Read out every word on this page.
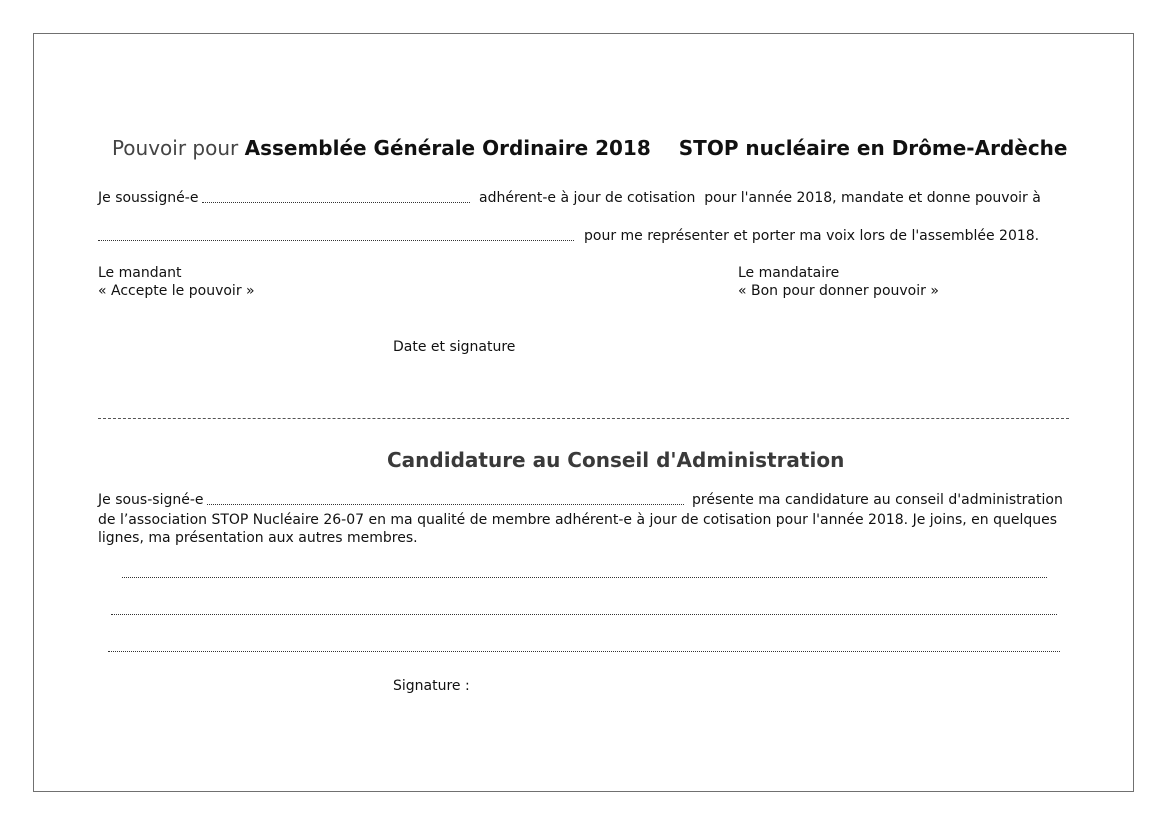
Pouvoir pour Assemblée Générale Ordinaire 2018 STOP nucléaire en Drôme-Ardèche

Je soussigné-e	adhérent-e à jour de cotisation  pour l'année 2018, mandate et donne pouvoir à
pour me représenter et porter ma voix lors de l'assemblée 2018.
Le mandant
« Accepte le pouvoir »
Le mandataire
« Bon pour donner pouvoir »
Date et signature
Candidature au Conseil d'Administration
Je sous-signé-e	présente ma candidature au conseil d'administration
de l’association STOP Nucléaire 26-07 en ma qualité de membre adhérent-e à jour de cotisation pour l'année 2018. Je joins, en quelques lignes, ma présentation aux autres membres.
Signature :
